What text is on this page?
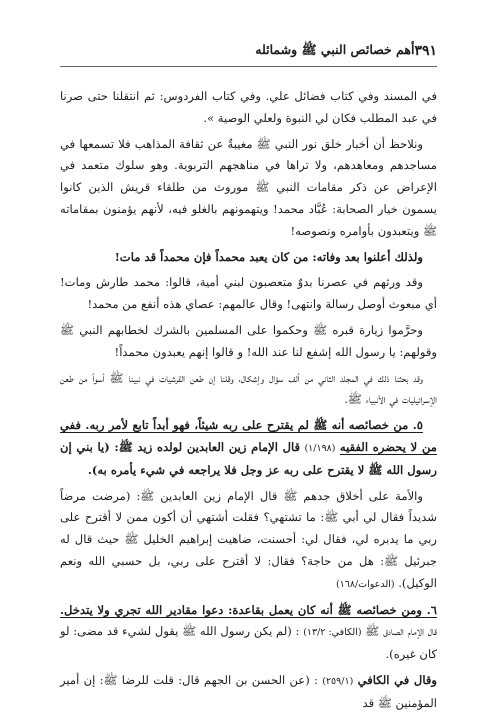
٣٩١
أهم خصائص النبي ﷺ وشمائله

في المسند وفي كتاب فضائل علي. وفي كتاب الفردوس: ثم انتقلنا حتى صرنا في عبد المطلب فكان لي النبوة ولعلي الوصية ».

ونلاحظ أن أخبار خلق نور النبي ﷺ مغيبةٌ عن ثقافة المذاهب فلا تسمعها في مساجدهم ومعاهدهم، ولا تراها في مناهجهم التربوية. وهو سلوك متعمد في الإعراض عن ذكر مقامات النبي ﷺ موروث من طلقاء قريش الذين كانوا يسمون خيار الصحابة: عُبَّاد محمد! ويتهمونهم بالغلو فيه، لأنهم يؤمنون بمقاماته ﷺ ويتعبدون بأوامره ونصوصه!

ولذلك أعلنوا بعد وفاته: من كان يعبد محمداً فإن محمداً قد مات!

وقد ورثهم في عصرنا بدوٌ متعصبون لبني أمية، قالوا: محمد طارش ومات! أي مبعوث أوصل رسالة وانتهى! وقال عالمهم: عصاي هذه أنفع من محمد!

وحرَّموا زيارة قبره ﷺ وحكموا على المسلمين بالشرك لخطابهم النبي ﷺ وقولهم: يا رسول الله إشفع لنا عند الله! و قالوا إنهم يعبدون محمداً!

وقد بحثنا ذلك في المجلد الثاني من ألف سؤال وإشكال، وقلنا إن طعن القرشيات في نبينا ﷺ أسوأ من طعن الإسرائيليات في الأنبياء ﷺ.

٥. من خصائصه أنه ﷺ لم يقترح على ربه شيئاً، فهو أبداً تابع لأمر ربه. ففي من لا يحضره الفقيه (١/١٩٨) قال الإمام زين العابدين لولده زيد ﷺ: (يا بني إن رسول الله ﷺ لا يقترح على ربه عز وجل فلا يراجعه في شيء يأمره به).

والأمة على أخلاق جدهم ﷺ قال الإمام زين العابدين ﷺ: (مرضت مرضاً شديداً فقال لي أبي ﷺ: ما تشتهي؟ فقلت أشتهي أن أكون ممن لا أقترح على ربي ما يدبره لي، فقال لي: أحسنت، ضاهيت إبراهيم الخليل ﷺ حيث قال له جبرئيل ﷺ: هل من حاجة؟ فقال: لا أقترح على ربي، بل حسبي الله ونعم الوكيل). (الدعوات/١٦٨)

٦. ومن خصائصه ﷺ أنه كان يعمل بقاعدة: دعوا مقادير الله تجري ولا يتدخل. قال الإمام الصادق ﷺ (الكافي: ١٣/٢) : (لم يكن رسول الله ﷺ يقول لشيء قد مضى: لو كان غيره).

وقال في الكافي (٢٥٩/١) : (عن الحسن بن الجهم قال: قلت للرضا ﷺ: إن أمير المؤمنين ﷺ قد
